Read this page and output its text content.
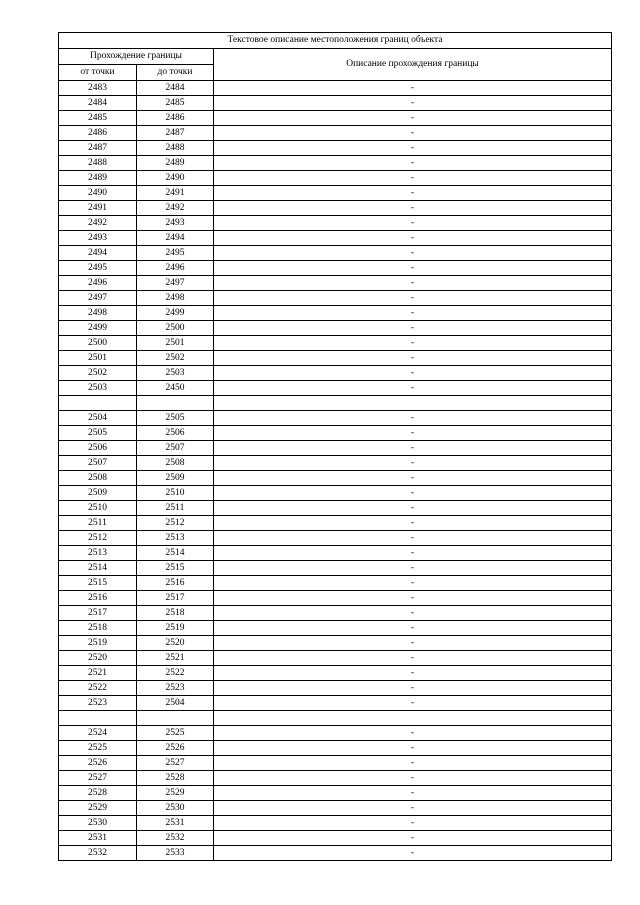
Текстовое описание местоположения границ объекта		
Прохождение границы		Описание прохождения границы
от точки	до точки	
2483	2484	-
2484	2485	-
2485	2486	-
2486	2487	-
2487	2488	-
2488	2489	-
2489	2490	-
2490	2491	-
2491	2492	-
2492	2493	-
2493	2494	-
2494	2495	-
2495	2496	-
2496	2497	-
2497	2498	-
2498	2499	-
2499	2500	-
2500	2501	-
2501	2502	-
2502	2503	-
2503	2450	-

2504	2505	-
2505	2506	-
2506	2507	-
2507	2508	-
2508	2509	-
2509	2510	-
2510	2511	-
2511	2512	-
2512	2513	-
2513	2514	-
2514	2515	-
2515	2516	-
2516	2517	-
2517	2518	-
2518	2519	-
2519	2520	-
2520	2521	-
2521	2522	-
2522	2523	-
2523	2504	-

2524	2525	-
2525	2526	-
2526	2527	-
2527	2528	-
2528	2529	-
2529	2530	-
2530	2531	-
2531	2532	-
2532	2533	-
